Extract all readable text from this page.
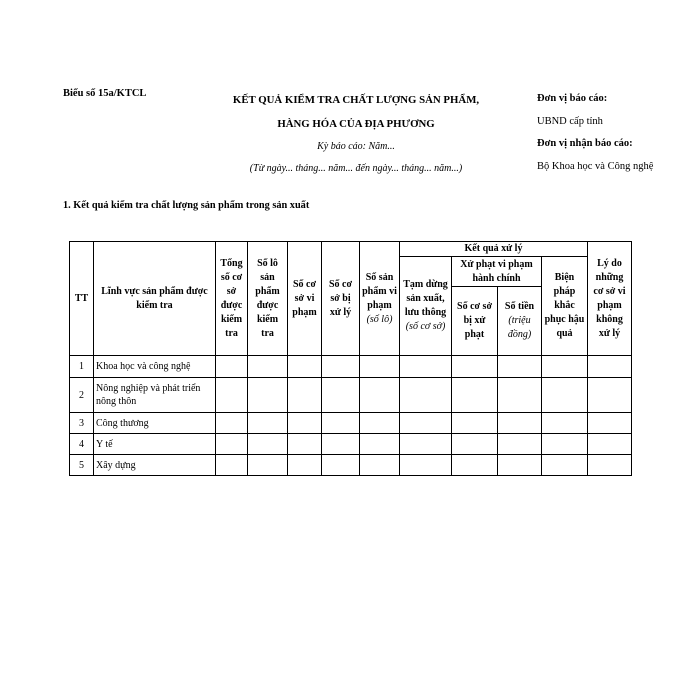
Biểu số 15a/KTCL
KẾT QUẢ KIỂM TRA CHẤT LƯỢNG SẢN PHẨM,
HÀNG HÓA CỦA ĐỊA PHƯƠNG
Kỳ báo cáo: Năm...
(Từ ngày... tháng... năm... đến ngày... tháng... năm...)
Đơn vị báo cáo:
UBND cấp tỉnh
Đơn vị nhận báo cáo:
Bộ Khoa học và Công nghệ
1. Kết quả kiểm tra chất lượng sản phẩm trong sản xuất
TT	Lĩnh vực sản phẩm được kiểm tra	Tổng số cơ sở được kiểm tra	Số lô sản phẩm được kiểm tra	Số cơ sở vi phạm	Số cơ sở bị xử lý	Số sản phẩm vi phạm (số lô)	Kết quả xử lý				Lý do những cơ sở vi phạm không xử lý
							Tạm dừng sản xuất, lưu thông (số cơ sở)	Xử phạt vi phạm hành chính		Biện pháp khắc phục hậu quả	
								Số cơ sở bị xử phạt	Số tiền (triệu đồng)		
1	Khoa học và công nghệ										
2	Nông nghiệp và phát triển nông thôn										
3	Công thương										
4	Y tế										
5	Xây dựng										
